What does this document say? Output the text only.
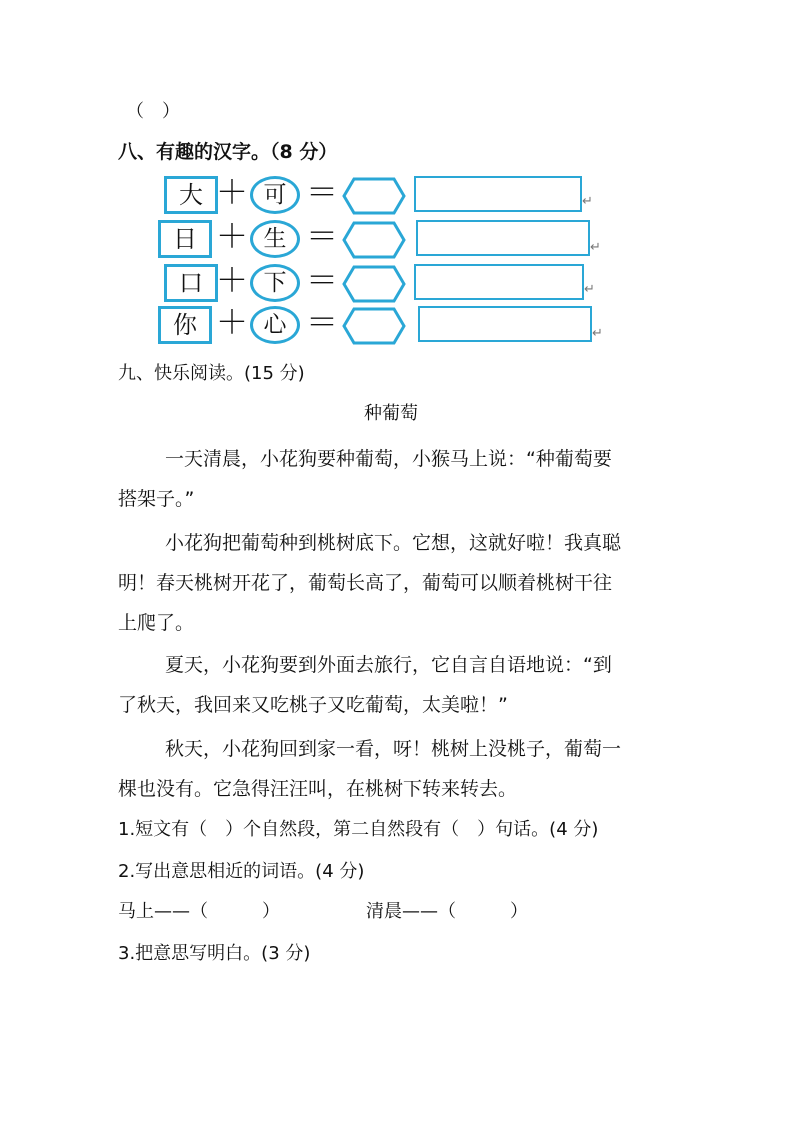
（　）
八、有趣的汉字。（8 分）
大 ＋ 可 ＝	↵
日 ＋ 生 ＝	↵
口 ＋ 下 ＝	↵
你 ＋ 心 ＝	↵
九、快乐阅读。(15 分)
种葡萄
一天清晨，小花狗要种葡萄，小猴马上说：“种葡萄要
搭架子。”
小花狗把葡萄种到桃树底下。它想，这就好啦！我真聪
明！春天桃树开花了，葡萄长高了，葡萄可以顺着桃树干往
上爬了。
夏天，小花狗要到外面去旅行，它自言自语地说：“到
了秋天，我回来又吃桃子又吃葡萄，太美啦！”
秋天，小花狗回到家一看，呀！桃树上没桃子，葡萄一
棵也没有。它急得汪汪叫，在桃树下转来转去。
1.短文有（　）个自然段，第二自然段有（　）句话。(4 分)
2.写出意思相近的词语。(4 分)
马上——（　　　）	清晨——（　　　）
3.把意思写明白。(3 分)
